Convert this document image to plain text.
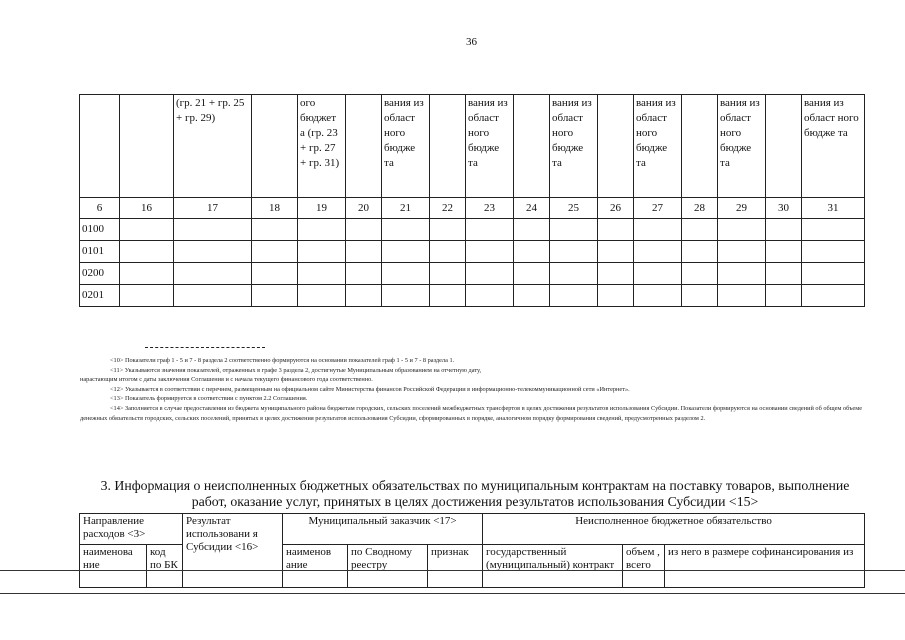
36
		(гр. 21 + гр. 25 + гр. 29)		ого бюджет а (гр. 23 + гр. 27 + гр. 31)		вания из област ного бюдже та		вания из област ного бюдже та		вания из област ного бюдже та		вания из област ного бюдже та		вания из област ного бюдже та		вания из област ного бюдже та
6	16	17	18	19	20	21	22	23	24	25	26	27	28	29	30	31
0100																
0101																
0200																
0201																

<10> Показатели граф 1 - 5 и 7 - 8 раздела 2 соответственно формируются на основании показателей граф 1 - 5 и 7 - 8 раздела 1.

<11> Указываются значения показателей, отраженных в графе 3 раздела 2, достигнутые Муниципальным образованием на отчетную дату,

нарастающим итогом с даты заключения Соглашения и с начала текущего финансового года соответственно.

<12> Указывается в соответствии с перечнем, размещенным на официальном сайте Министерства финансов Российской Федерации в информационно-телекоммуникационной сети «Интернет».

<13> Показатель формируется в соответствии с пунктом 2.2 Соглашения.

<14> Заполняется в случае предоставления из бюджета муниципального района бюджетам городских, сельских поселений межбюджетных трансфертов в целях достижения результатов использования Субсидии. Показатели формируются на основании сведений об общем объеме денежных обязательств городских, сельских поселений, принятых в целях достижения результатов использования Субсидии, сформированных в порядке, аналогичном порядку формирования сведений, предусмотренных разделом 2.

3. Информация о неисполненных бюджетных обязательствах по муниципальным контрактам на поставку товаров, выполнение работ, оказание услуг, принятых в целях достижения результатов использования Субсидии <15>
Направление расходов <3>		Результат использовани я Субсидии <16>	Муниципальный заказчик <17>			Неисполненное бюджетное обязательство		
наименова ние	код по БК		наименов ание	по Сводному реестру	признак	государственный (муниципальный) контракт	объем , всего	из него в размере софинансирования из
